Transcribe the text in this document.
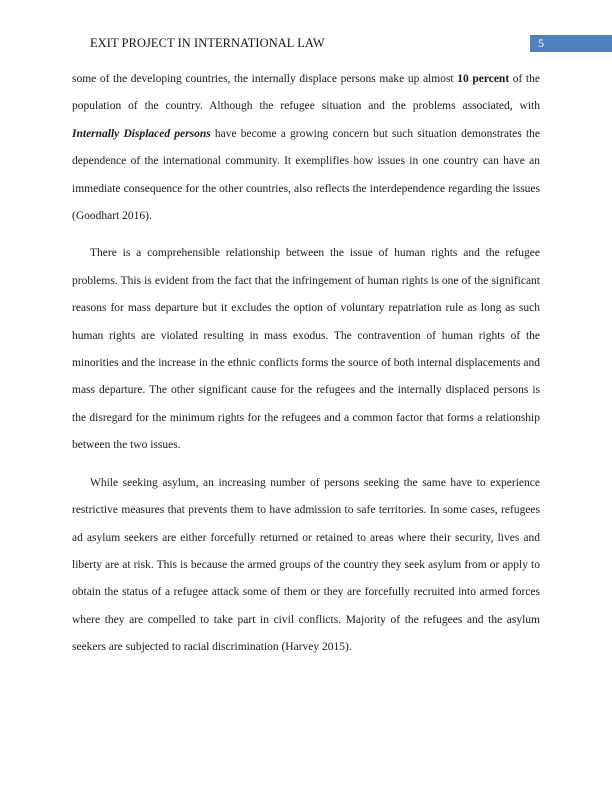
EXIT PROJECT IN INTERNATIONAL LAW	5

some of the developing countries, the internally displace persons make up almost 10 percent of the population of the country. Although the refugee situation and the problems associated, with Internally Displaced persons have become a growing concern but such situation demonstrates the dependence of the international community. It exemplifies how issues in one country can have an immediate consequence for the other countries, also reflects the interdependence regarding the issues (Goodhart 2016).

There is a comprehensible relationship between the issue of human rights and the refugee problems. This is evident from the fact that the infringement of human rights is one of the significant reasons for mass departure but it excludes the option of voluntary repatriation rule as long as such human rights are violated resulting in mass exodus. The contravention of human rights of the minorities and the increase in the ethnic conflicts forms the source of both internal displacements and mass departure. The other significant cause for the refugees and the internally displaced persons is the disregard for the minimum rights for the refugees and a common factor that forms a relationship between the two issues.

While seeking asylum, an increasing number of persons seeking the same have to experience restrictive measures that prevents them to have admission to safe territories. In some cases, refugees ad asylum seekers are either forcefully returned or retained to areas where their security, lives and liberty are at risk. This is because the armed groups of the country they seek asylum from or apply to obtain the status of a refugee attack some of them or they are forcefully recruited into armed forces where they are compelled to take part in civil conflicts. Majority of the refugees and the asylum seekers are subjected to racial discrimination (Harvey 2015).
